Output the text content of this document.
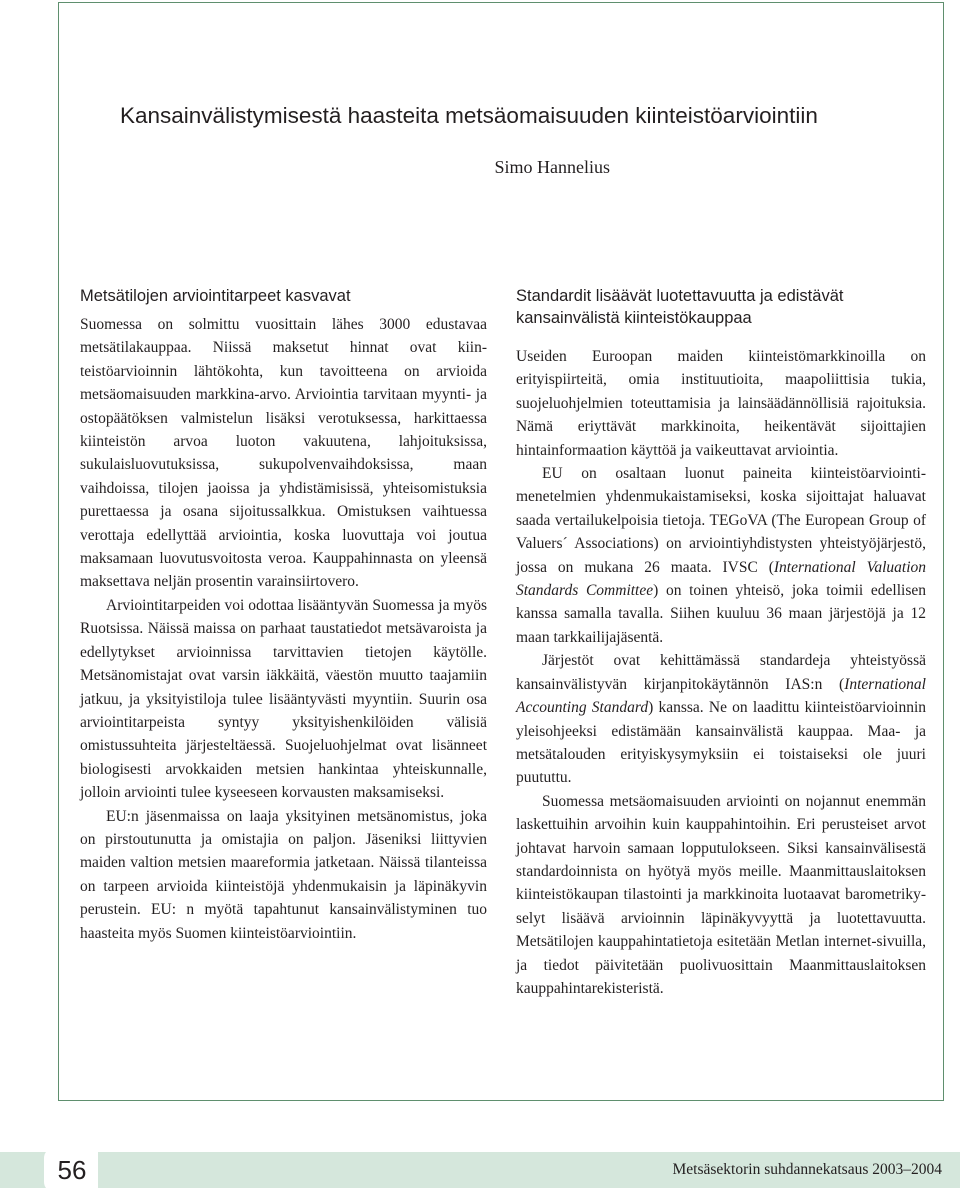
Kansainvälistymisestä haasteita metsäomaisuuden kiinteistöarviointiin

Simo Hannelius

Metsätilojen arviointitarpeet kasvavat

Suomessa on solmittu vuosittain lähes 3000 edustavaa metsätilakauppaa. Niissä maksetut hinnat ovat kiinteistöarvioinnin lähtökohta, kun tavoitteena on arvioida metsäomaisuuden markkina-arvo. Arviointia tarvitaan myynti- ja ostopäätöksen valmistelun lisäksi verotuksessa, harkittaessa kiinteistön arvoa luoton vakuutena, lahjoituksissa, sukulaisluovutuksissa, sukupolvenvaihdoksissa, maan vaihdoissa, tilojen jaoissa ja yhdistämisissä, yhteisomistuksia purettaessa ja osana sijoitussalkkua. Omistuksen vaihtuessa verottaja edellyttää arviointia, koska luovuttaja voi joutua maksamaan luovutusvoitosta veroa. Kauppahinnasta on yleensä maksettava neljän prosentin varainsiirtovero.

Arviointitarpeiden voi odottaa lisääntyvän Suomessa ja myös Ruotsissa. Näissä maissa on parhaat taustatiedot metsävaroista ja edellytykset arvioinnissa tarvittavien tietojen käytölle. Metsänomistajat ovat varsin iäkkäitä, väestön muutto taajamiin jatkuu, ja yksityistiloja tulee lisääntyvästi myyntiin. Suurin osa arviointitarpeista syntyy yksityishenkilöiden välisiä omistussuhteita järjesteltäessä. Suojeluohjelmat ovat lisänneet biologisesti arvokkaiden metsien hankintaa yhteiskunnalle, jolloin arviointi tulee kyseeseen korvausten maksamiseksi.

EU:n jäsenmaissa on laaja yksityinen metsänomistus, joka on pirstoutunutta ja omistajia on paljon. Jäseniksi liittyvien maiden valtion metsien maareformia jatketaan. Näissä tilanteissa on tarpeen arvioida kiinteistöjä yhdenmukaisin ja läpinäkyvin perustein. EU: n myötä tapahtunut kansainvälistyminen tuo haasteita myös Suomen kiinteistöarviointiin.

Standardit lisäävät luotettavuutta ja edistävät kansainvälistä kiinteistökauppaa

Useiden Euroopan maiden kiinteistömarkkinoilla on erityispiirteitä, omia instituutioita, maapoliittisia tukia, suojeluohjelmien toteuttamisia ja lainsäädännöllisiä rajoituksia. Nämä eriyttävät markkinoita, heikentävät sijoittajien hintainformaation käyttöä ja vaikeuttavat arviointia.

EU on osaltaan luonut paineita kiinteistöarviointimenetelmien yhdenmukaistamiseksi, koska sijoittajat haluavat saada vertailukelpoisia tietoja. TEGoVA (The European Group of Valuers´ Associations) on arviointiyhdistysten yhteistyöjärjestö, jossa on mukana 26 maata. IVSC (International Valuation Standards Committee) on toinen yhteisö, joka toimii edellisen kanssa samalla tavalla. Siihen kuuluu 36 maan järjestöjä ja 12 maan tarkkailijajäsentä.

Järjestöt ovat kehittämässä standardeja yhteistyössä kansainvälistyvän kirjanpitokäytännön IAS:n (International Accounting Standard) kanssa. Ne on laadittu kiinteistöarvioinnin yleisohjeeksi edistämään kansainvälistä kauppaa. Maa- ja metsätalouden erityiskysymyksiin ei toistaiseksi ole juuri puututtu.

Suomessa metsäomaisuuden arviointi on nojannut enemmän laskettuihin arvoihin kuin kauppahintoihin. Eri perusteiset arvot johtavat harvoin samaan lopputulokseen. Siksi kansainvälisestä standardoinnista on hyötyä myös meille. Maanmittauslaitoksen kiinteistökaupan tilastointi ja markkinoita luotaavat barometrikyselyt lisäävä arvioinnin läpinäkyvyyttä ja luotettavuutta. Metsätilojen kauppahintatietoja esitetään Metlan internet-sivuilla, ja tiedot päivitetään puolivuosittain Maanmittauslaitoksen kauppahintarekisteristä.

56	Metsäsektorin suhdannekatsaus 2003–2004
